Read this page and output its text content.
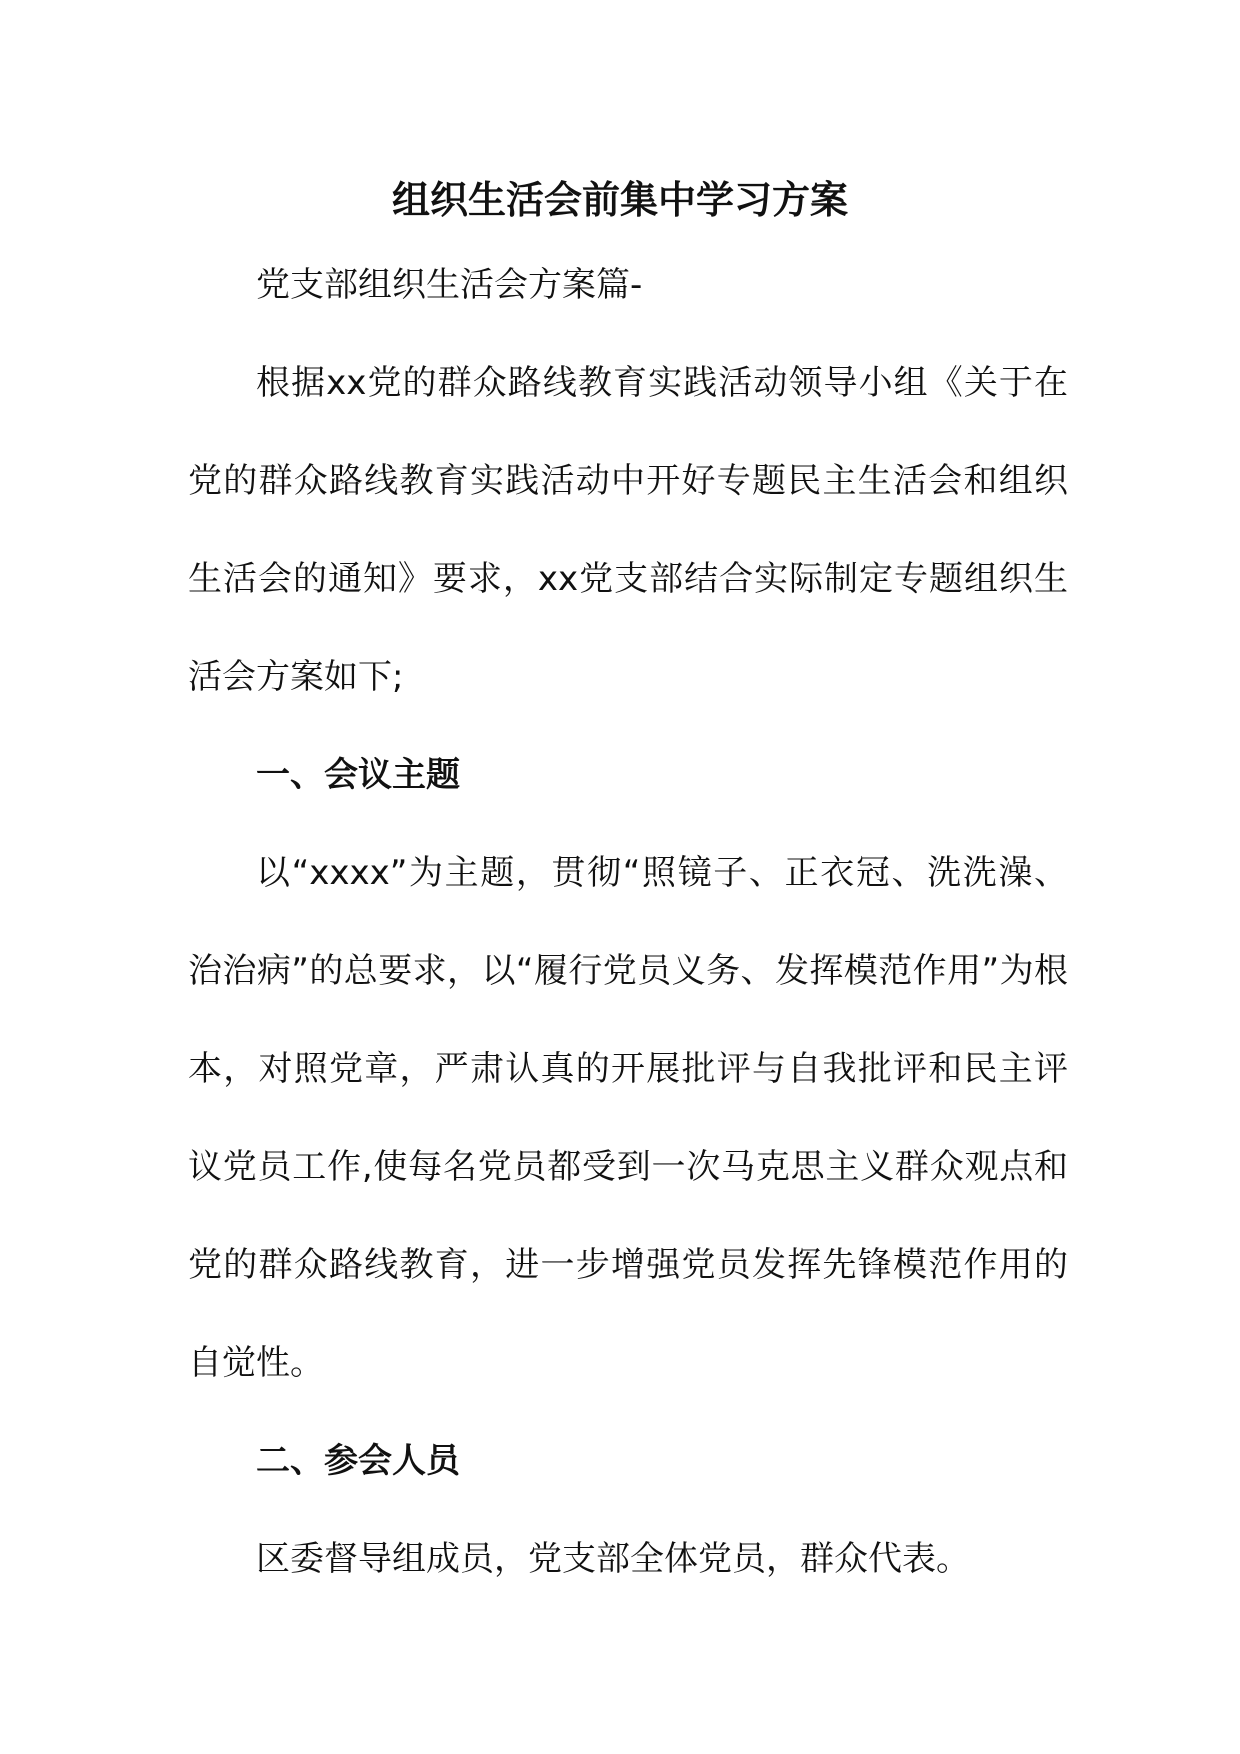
组织生活会前集中学习方案

党支部组织生活会方案篇-

根据xx党的群众路线教育实践活动领导小组《关于在党的群众路线教育实践活动中开好专题民主生活会和组织生活会的通知》要求，xx党支部结合实际制定专题组织生活会方案如下;

一、会议主题

以“xxxx”为主题，贯彻“照镜子、正衣冠、洗洗澡、治治病”的总要求，以“履行党员义务、发挥模范作用”为根本，对照党章，严肃认真的开展批评与自我批评和民主评议党员工作,使每名党员都受到一次马克思主义群众观点和党的群众路线教育，进一步增强党员发挥先锋模范作用的自觉性。

二、参会人员

区委督导组成员，党支部全体党员，群众代表。
